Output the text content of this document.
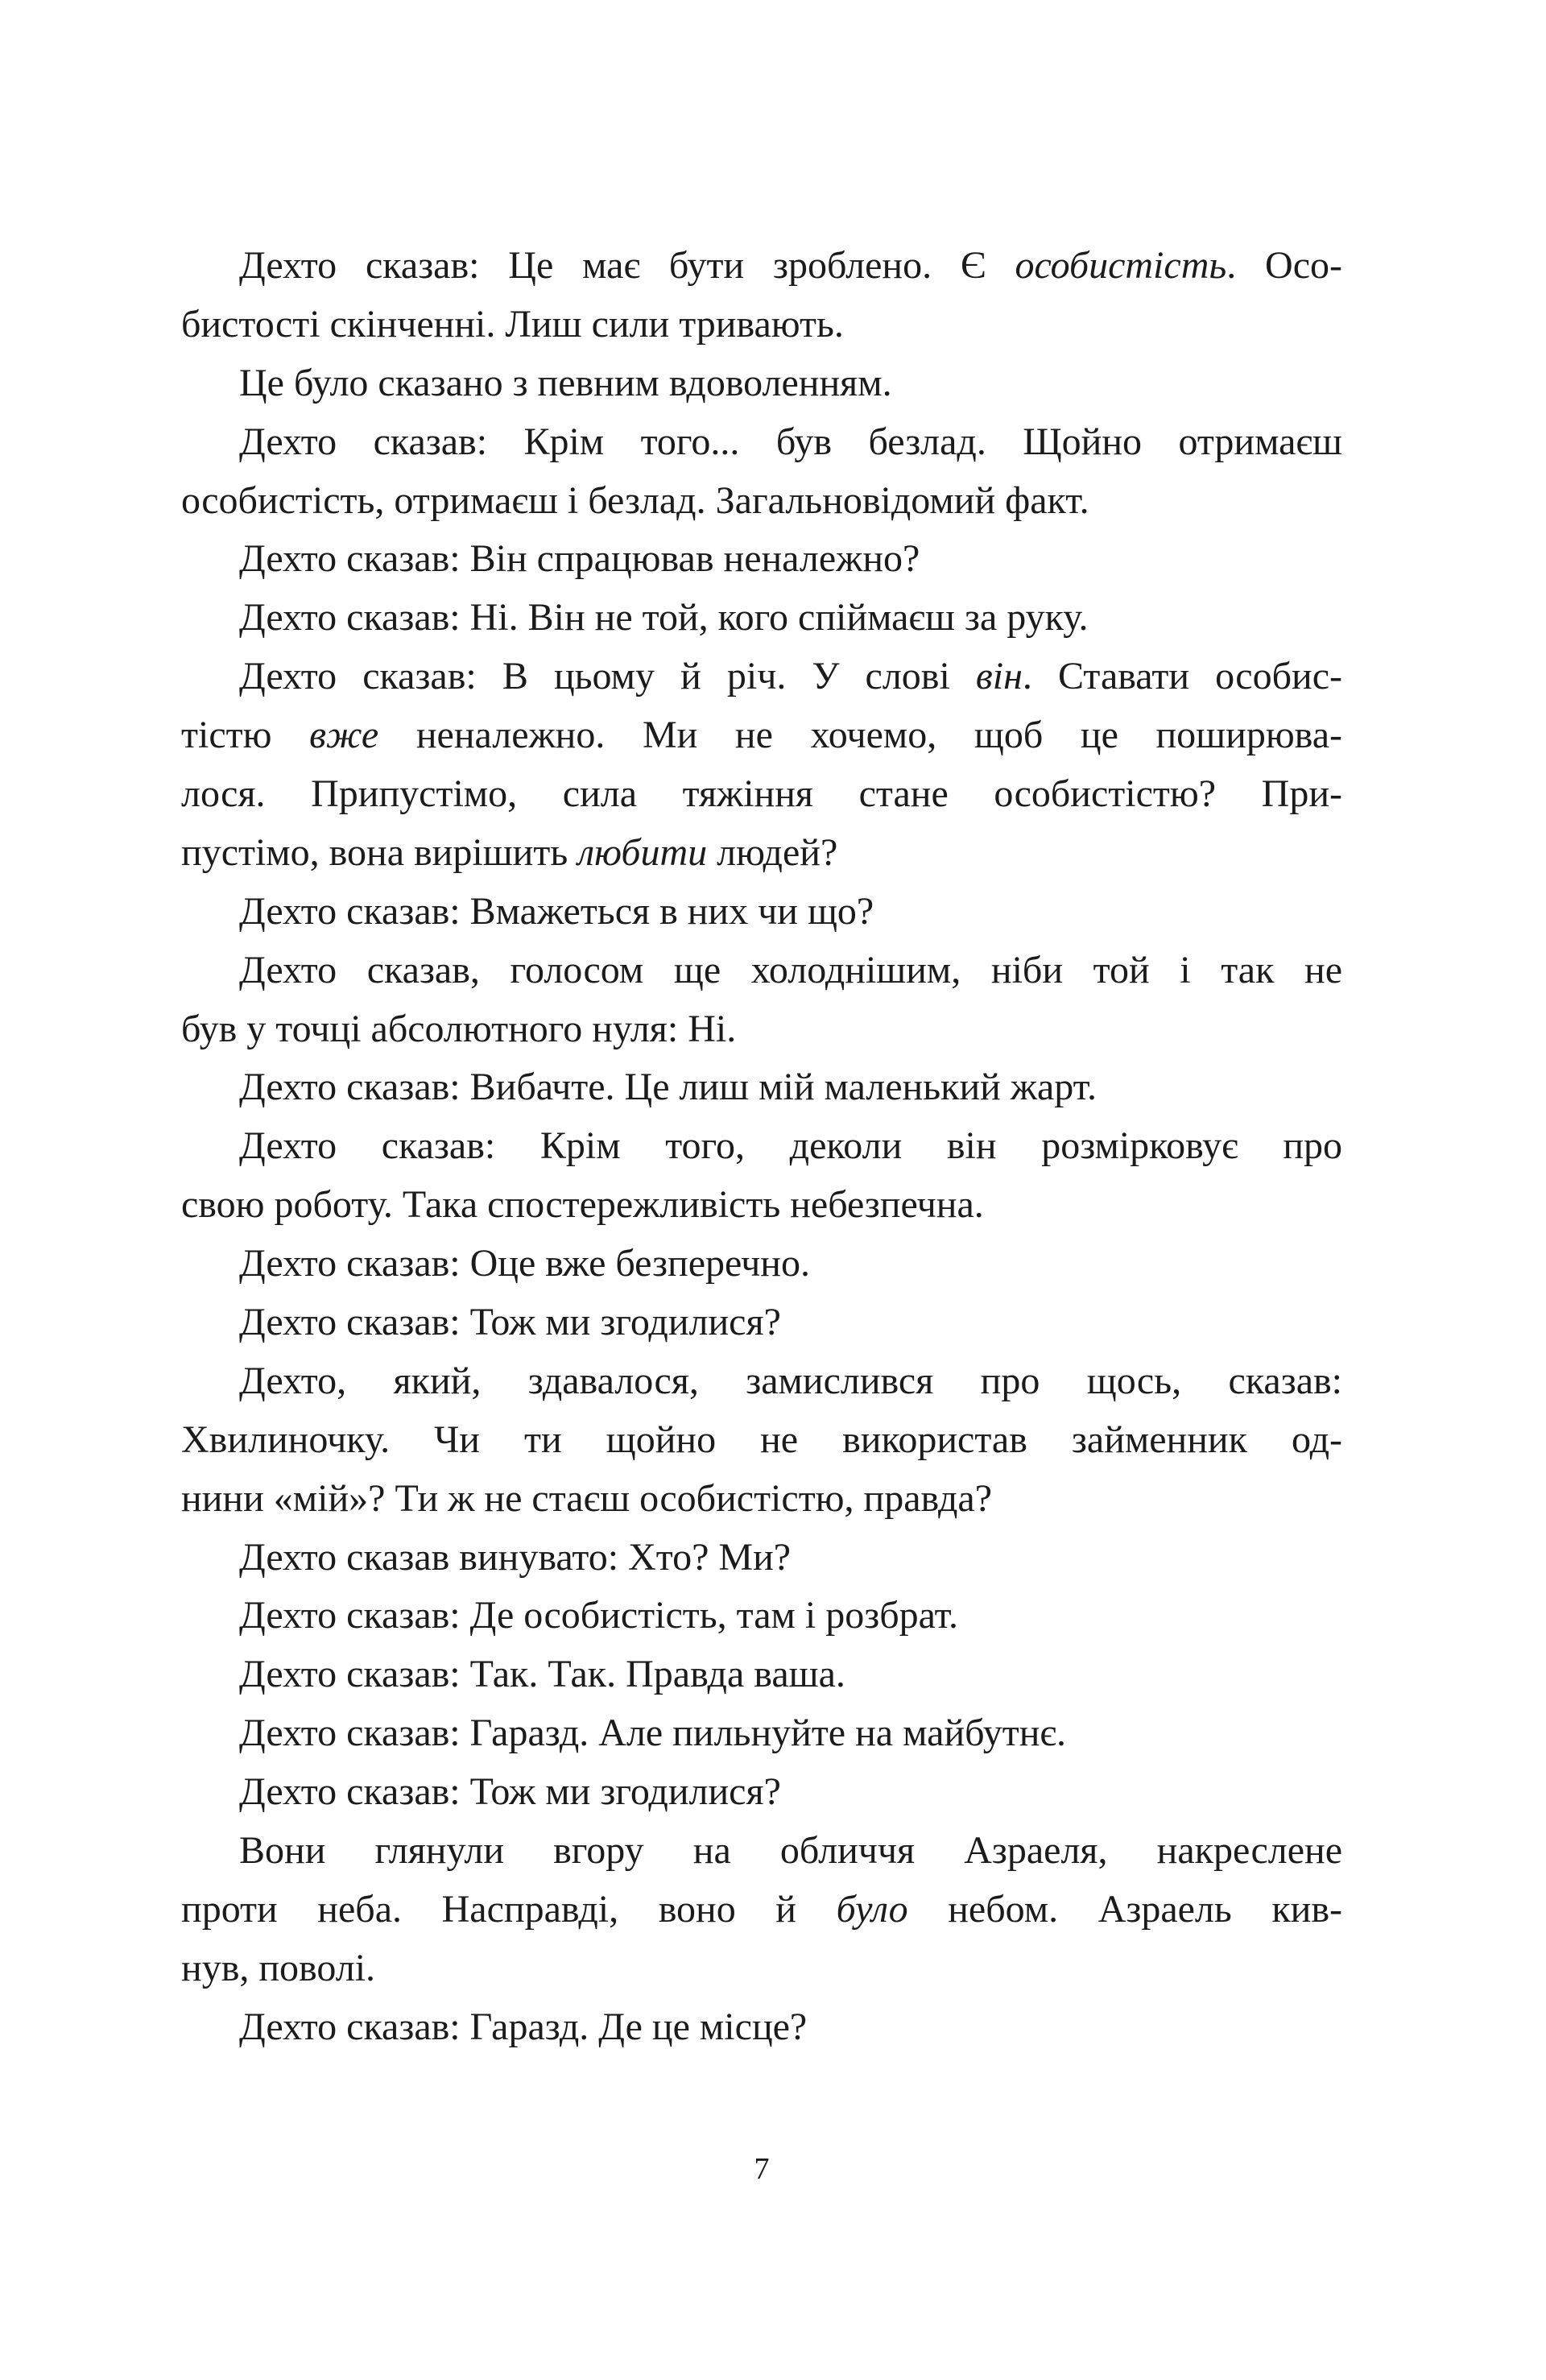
Дехто сказав: Це має бути зроблено. Є особистість. Осо-
бистості скінченні. Лиш сили тривають.
Це було сказано з певним вдоволенням.
Дехто сказав: Крім того... був безлад. Щойно отримаєш
особистість, отримаєш і безлад. Загальновідомий факт.
Дехто сказав: Він спрацював неналежно?
Дехто сказав: Ні. Він не той, кого спіймаєш за руку.
Дехто сказав: В цьому й річ. У слові він. Ставати особис-
тістю вже неналежно. Ми не хочемо, щоб це поширюва-
лося. Припустімо, сила тяжіння стане особистістю? При-
пустімо, вона вирішить любити людей?
Дехто сказав: Вмажеться в них чи що?
Дехто сказав, голосом ще холоднішим, ніби той і так не
був у точці абсолютного нуля: Ні.
Дехто сказав: Вибачте. Це лиш мій маленький жарт.
Дехто сказав: Крім того, деколи він розмірковує про
свою роботу. Така спостережливість небезпечна.
Дехто сказав: Оце вже безперечно.
Дехто сказав: Тож ми згодилися?
Дехто, який, здавалося, замислився про щось, сказав:
Хвилиночку. Чи ти щойно не використав займенник од-
нини «мій»? Ти ж не стаєш особистістю, правда?
Дехто сказав винувато: Хто? Ми?
Дехто сказав: Де особистість, там і розбрат.
Дехто сказав: Так. Так. Правда ваша.
Дехто сказав: Гаразд. Але пильнуйте на майбутнє.
Дехто сказав: Тож ми згодилися?
Вони глянули вгору на обличчя Азраеля, накреслене
проти неба. Насправді, воно й було небом. Азраель кив-
нув, поволі.
Дехто сказав: Гаразд. Де це місце?
7
